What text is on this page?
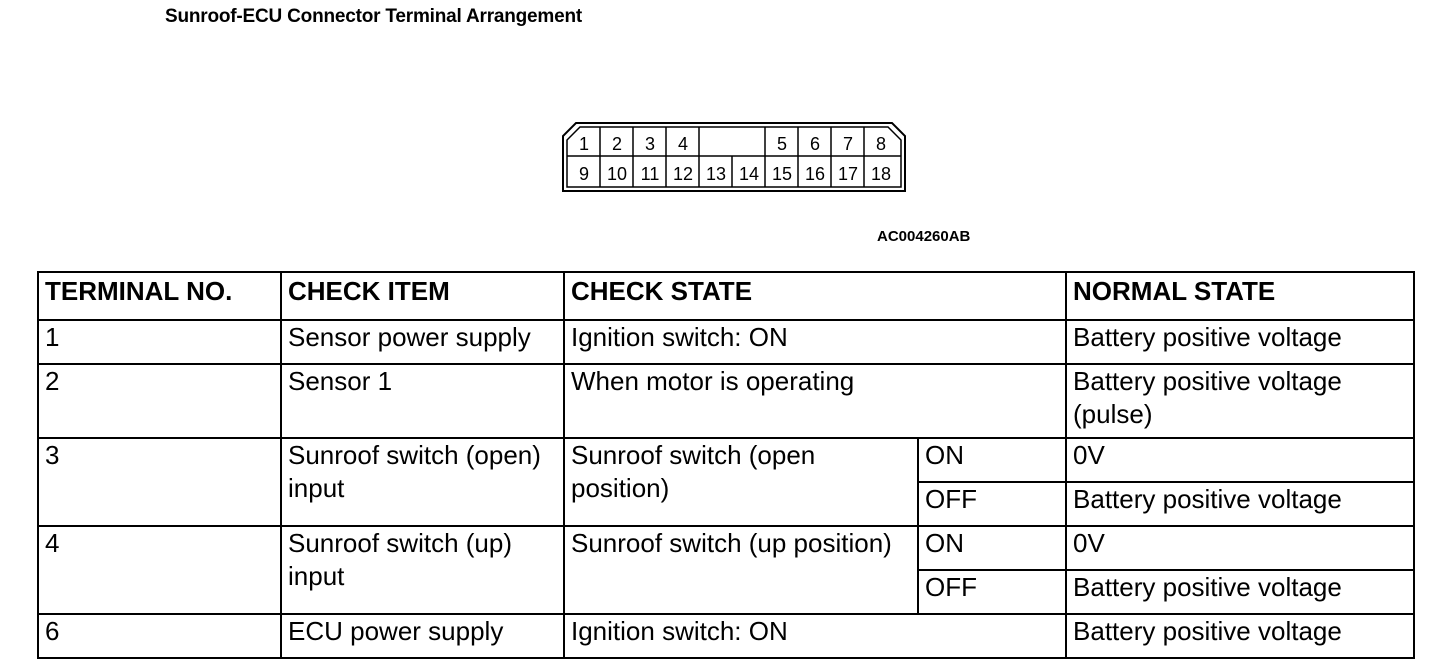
Sunroof-ECU Connector Terminal Arrangement
1 2 3 4	5 6 7 8
9 10 11 12 13 14 15 16 17 18
AC004260AB
TERMINAL NO.	CHECK ITEM	CHECK STATE		NORMAL STATE
1	Sensor power supply	Ignition switch: ON		Battery positive voltage
2	Sensor 1	When motor is operating		Battery positive voltage (pulse)
3	Sunroof switch (open) input	Sunroof switch (open position)	ON	0V
			OFF	Battery positive voltage
4	Sunroof switch (up) input	Sunroof switch (up position)	ON	0V
			OFF	Battery positive voltage
6	ECU power supply	Ignition switch: ON		Battery positive voltage
